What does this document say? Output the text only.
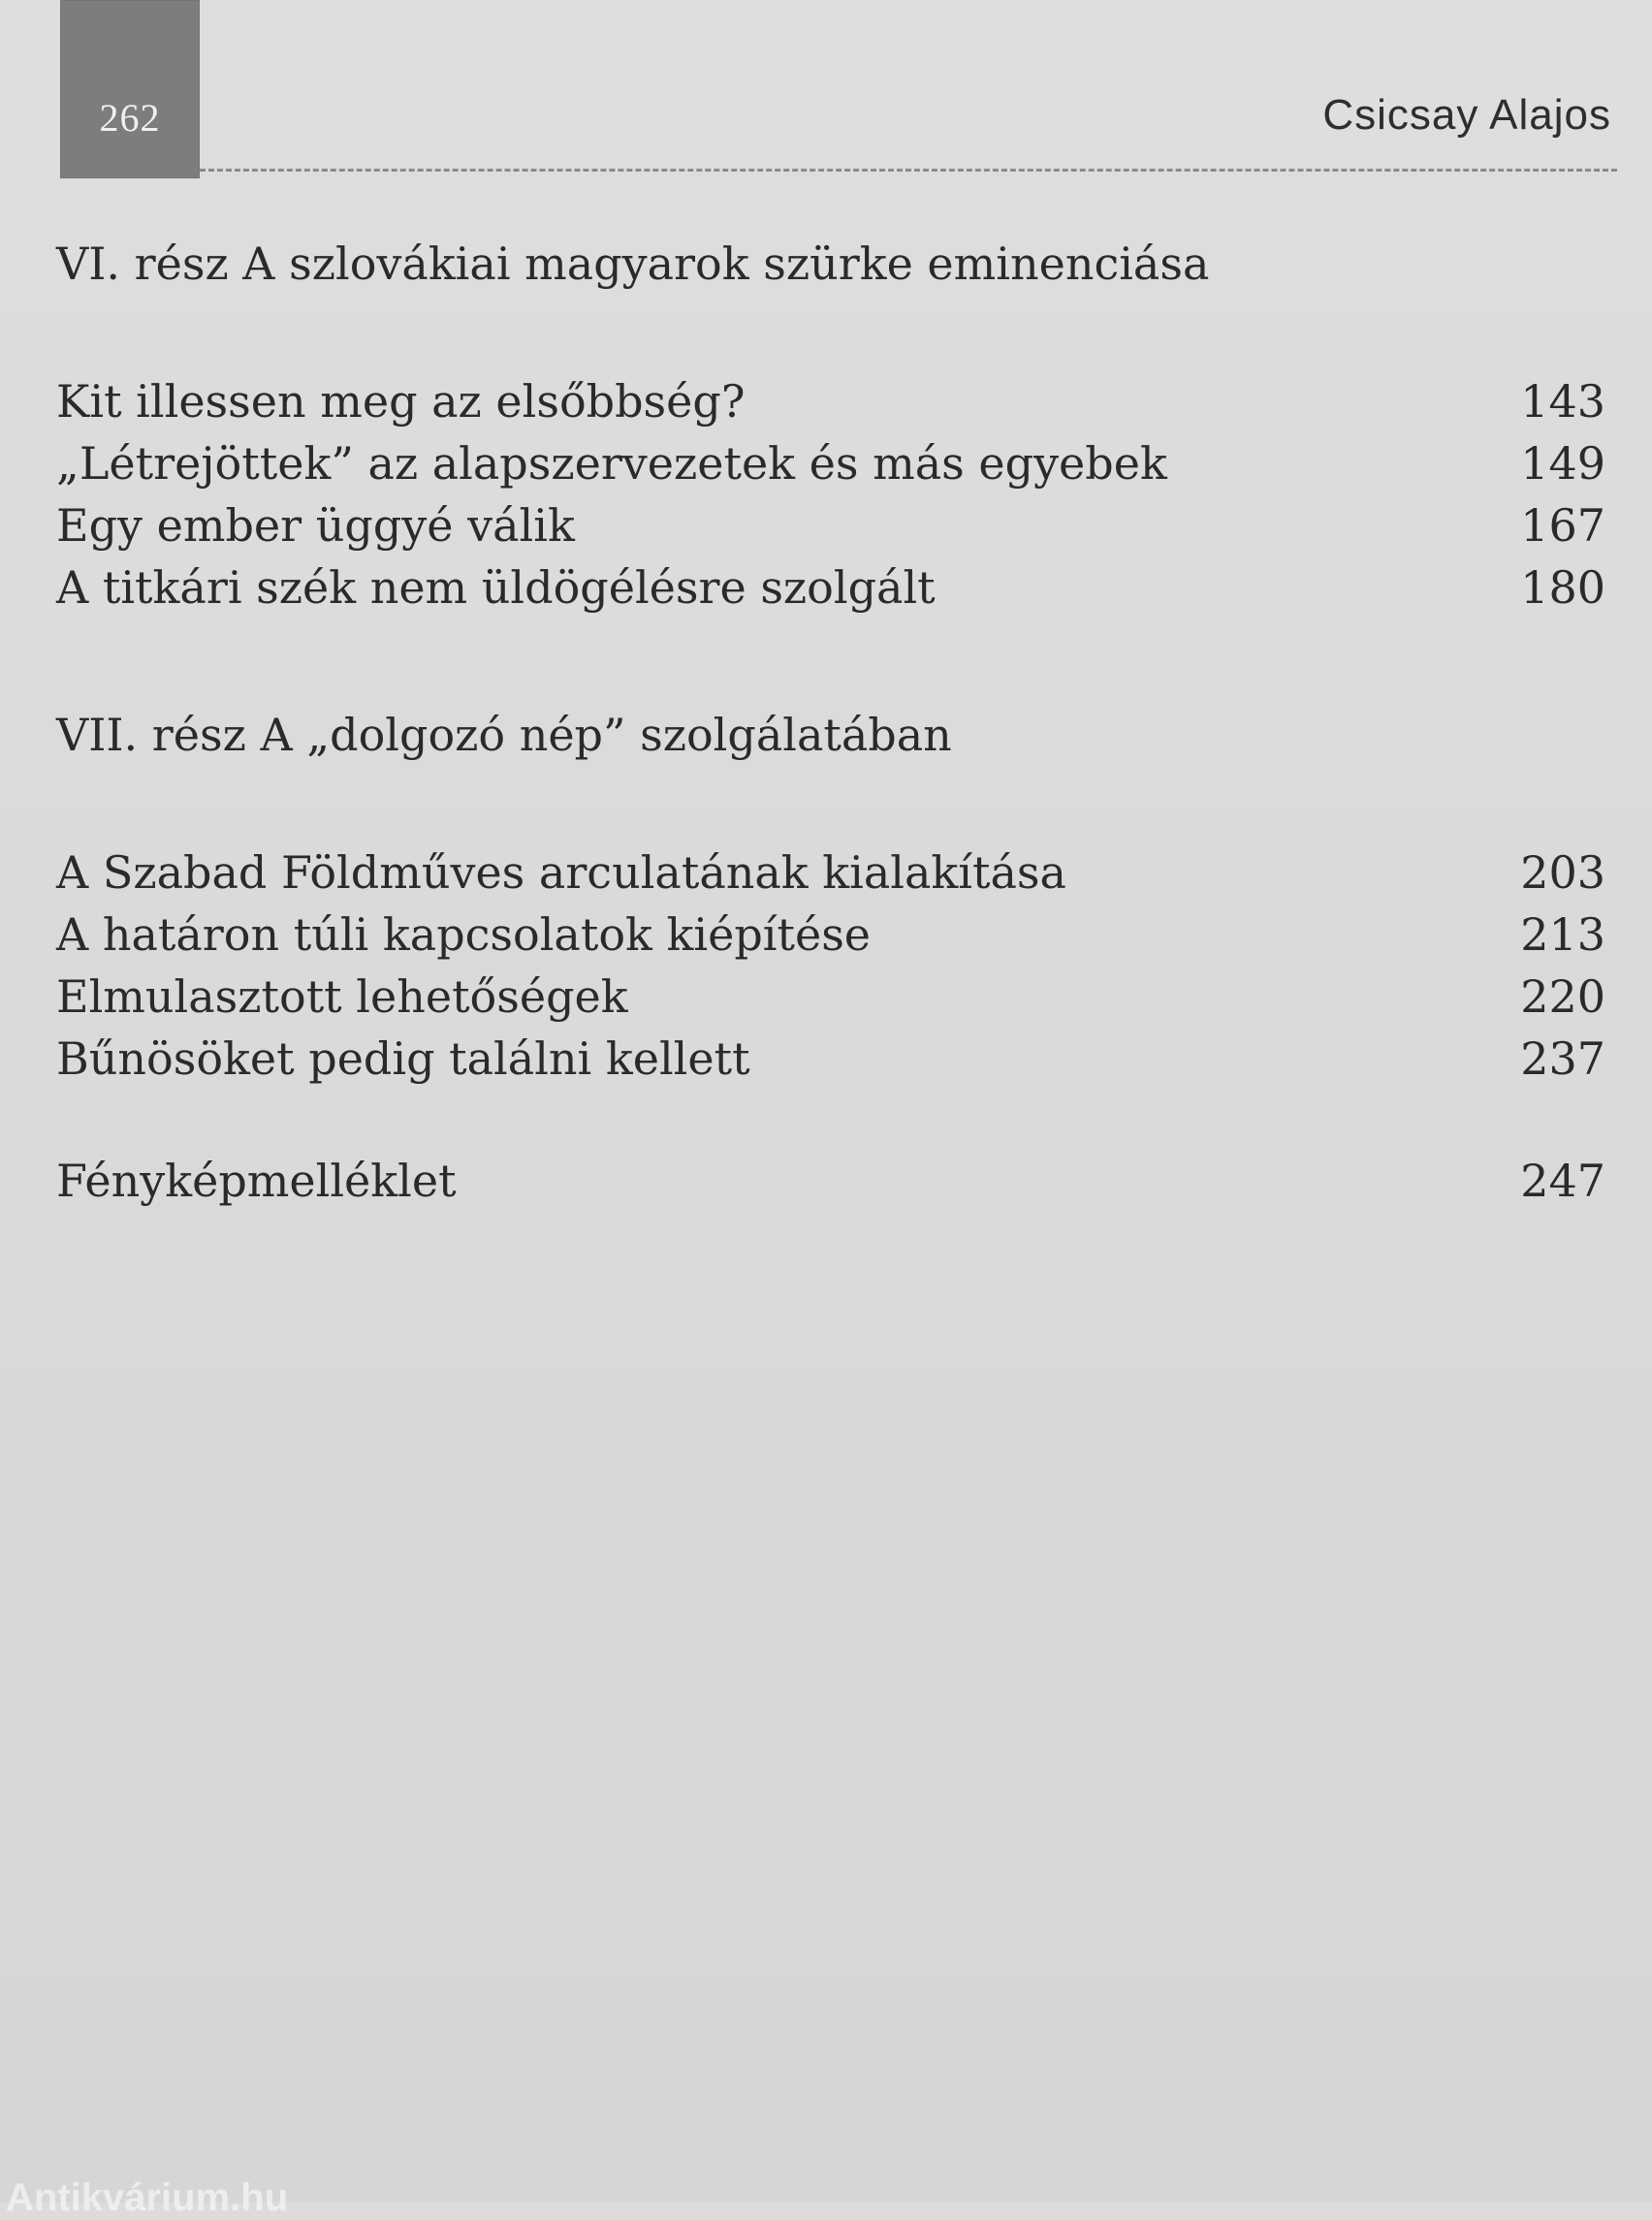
262	Csicsay Alajos
VI. rész A szlovákiai magyarok szürke eminenciása
Kit illessen meg az elsőbbség?	143
„Létrejöttek” az alapszervezetek és más egyebek	149
Egy ember üggyé válik	167
A titkári szék nem üldögélésre szolgált	180
VII. rész A „dolgozó nép” szolgálatában
A Szabad Földműves arculatának kialakítása	203
A határon túli kapcsolatok kiépítése	213
Elmulasztott lehetőségek	220
Bűnösöket pedig találni kellett	237
Fényképmelléklet	247
Antikvárium.hu
